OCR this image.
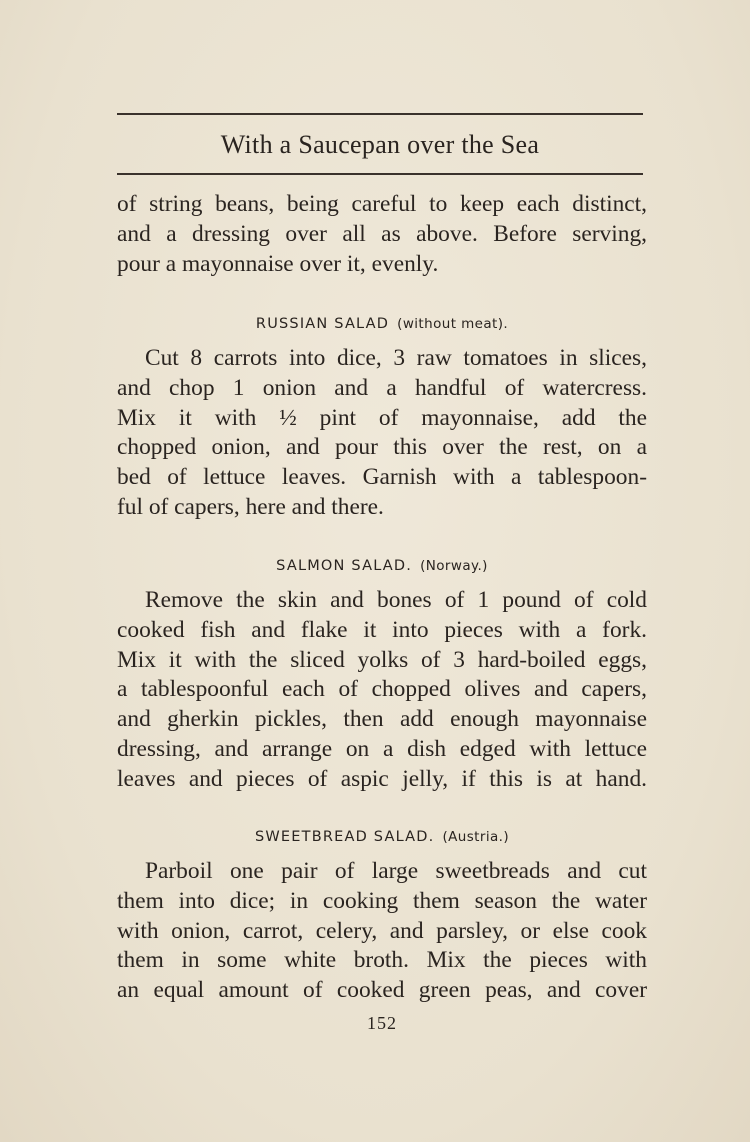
With a Saucepan over the Sea
of string beans, being careful to keep each distinct,
and a dressing over all as above. Before serving,
pour a mayonnaise over it, evenly.
RUSSIAN SALAD (without meat).
Cut 8 carrots into dice, 3 raw tomatoes in slices,
and chop 1 onion and a handful of watercress.
Mix it with ½ pint of mayonnaise, add the
chopped onion, and pour this over the rest, on a
bed of lettuce leaves. Garnish with a tablespoon-
ful of capers, here and there.
SALMON SALAD. (Norway.)
Remove the skin and bones of 1 pound of cold
cooked fish and flake it into pieces with a fork.
Mix it with the sliced yolks of 3 hard-boiled eggs,
a tablespoonful each of chopped olives and capers,
and gherkin pickles, then add enough mayonnaise
dressing, and arrange on a dish edged with lettuce
leaves and pieces of aspic jelly, if this is at hand.
SWEETBREAD SALAD. (Austria.)
Parboil one pair of large sweetbreads and cut
them into dice; in cooking them season the water
with onion, carrot, celery, and parsley, or else cook
them in some white broth. Mix the pieces with
an equal amount of cooked green peas, and cover
152
